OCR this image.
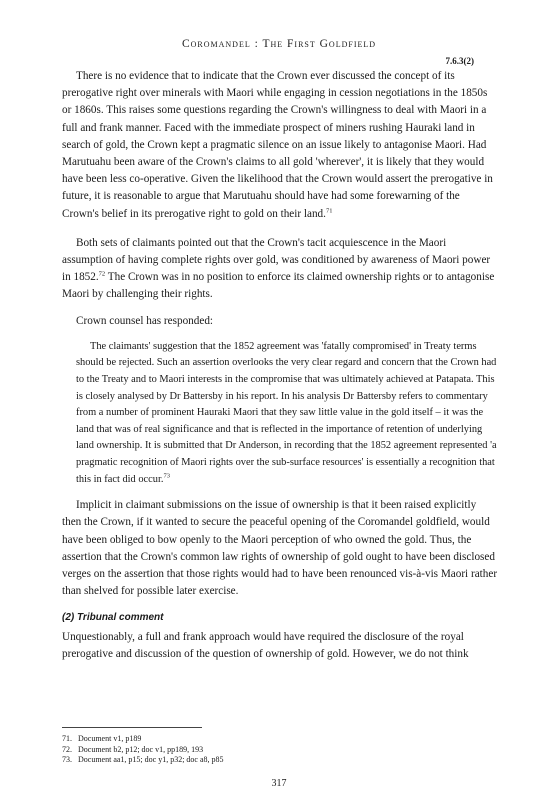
Coromandel : The First Goldfield
7.6.3(2)

There is no evidence that to indicate that the Crown ever discussed the concept of its prerogative right over minerals with Maori while engaging in cession negotiations in the 1850s or 1860s. This raises some questions regarding the Crown's willingness to deal with Maori in a full and frank manner. Faced with the immediate prospect of miners rushing Hauraki land in search of gold, the Crown kept a pragmatic silence on an issue likely to antagonise Maori. Had Marutuahu been aware of the Crown's claims to all gold 'wherever', it is likely that they would have been less co-operative. Given the likelihood that the Crown would assert the prerogative in future, it is reasonable to argue that Marutuahu should have had some forewarning of the Crown's belief in its prerogative right to gold on their land.$^{71}$

Both sets of claimants pointed out that the Crown's tacit acquiescence in the Maori assumption of having complete rights over gold, was conditioned by awareness of Maori power in 1852.72 The Crown was in no position to enforce its claimed ownership rights or to antagonise Maori by challenging their rights.

Crown counsel has responded:

The claimants' suggestion that the 1852 agreement was 'fatally compromised' in Treaty terms should be rejected. Such an assertion overlooks the very clear regard and concern that the Crown had to the Treaty and to Maori interests in the compromise that was ultimately achieved at Patapata. This is closely analysed by Dr Battersby in his report. In his analysis Dr Battersby refers to commentary from a number of prominent Hauraki Maori that they saw little value in the gold itself – it was the land that was of real significance and that is reflected in the importance of retention of underlying land ownership. It is submitted that Dr Anderson, in recording that the 1852 agreement represented 'a pragmatic recognition of Maori rights over the sub-surface resources' is essentially a recognition that this in fact did occur.$^{73}$

Implicit in claimant submissions on the issue of ownership is that it been raised explicitly then the Crown, if it wanted to secure the peaceful opening of the Coromandel goldfield, would have been obliged to bow openly to the Maori perception of who owned the gold. Thus, the assertion that the Crown's common law rights of ownership of gold ought to have been disclosed verges on the assertion that those rights would had to have been renounced vis-à-vis Maori rather than shelved for possible later exercise.

(2) Tribunal comment

Unquestionably, a full and frank approach would have required the disclosure of the royal prerogative and discussion of the question of ownership of gold. However, we do not think

71. Document v1, p189
72. Document b2, p12; doc v1, pp189, 193
73. Document aa1, p15; doc y1, p32; doc a8, p85
317
